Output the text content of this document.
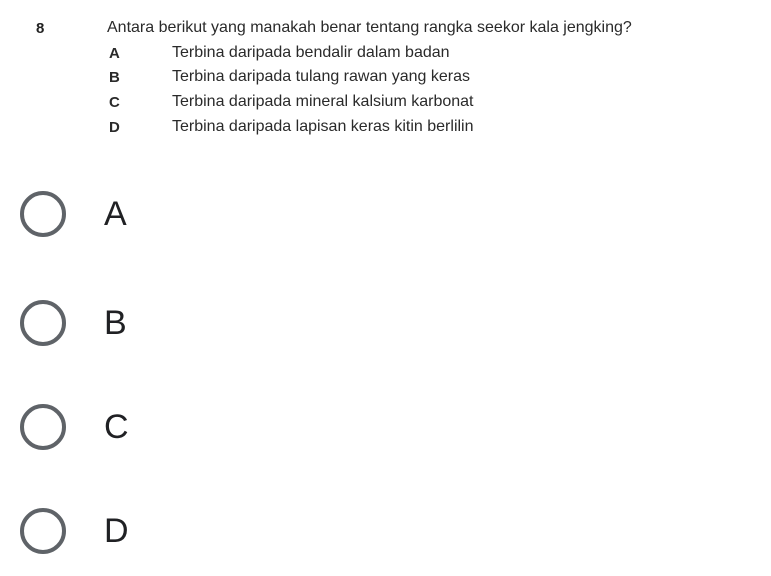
8	Antara berikut yang manakah benar tentang rangka seekor kala jengking?
A	Terbina daripada bendalir dalam badan
B	Terbina daripada tulang rawan yang keras
C	Terbina daripada mineral kalsium karbonat
D	Terbina daripada lapisan keras kitin berlilin
A
B
C
D
